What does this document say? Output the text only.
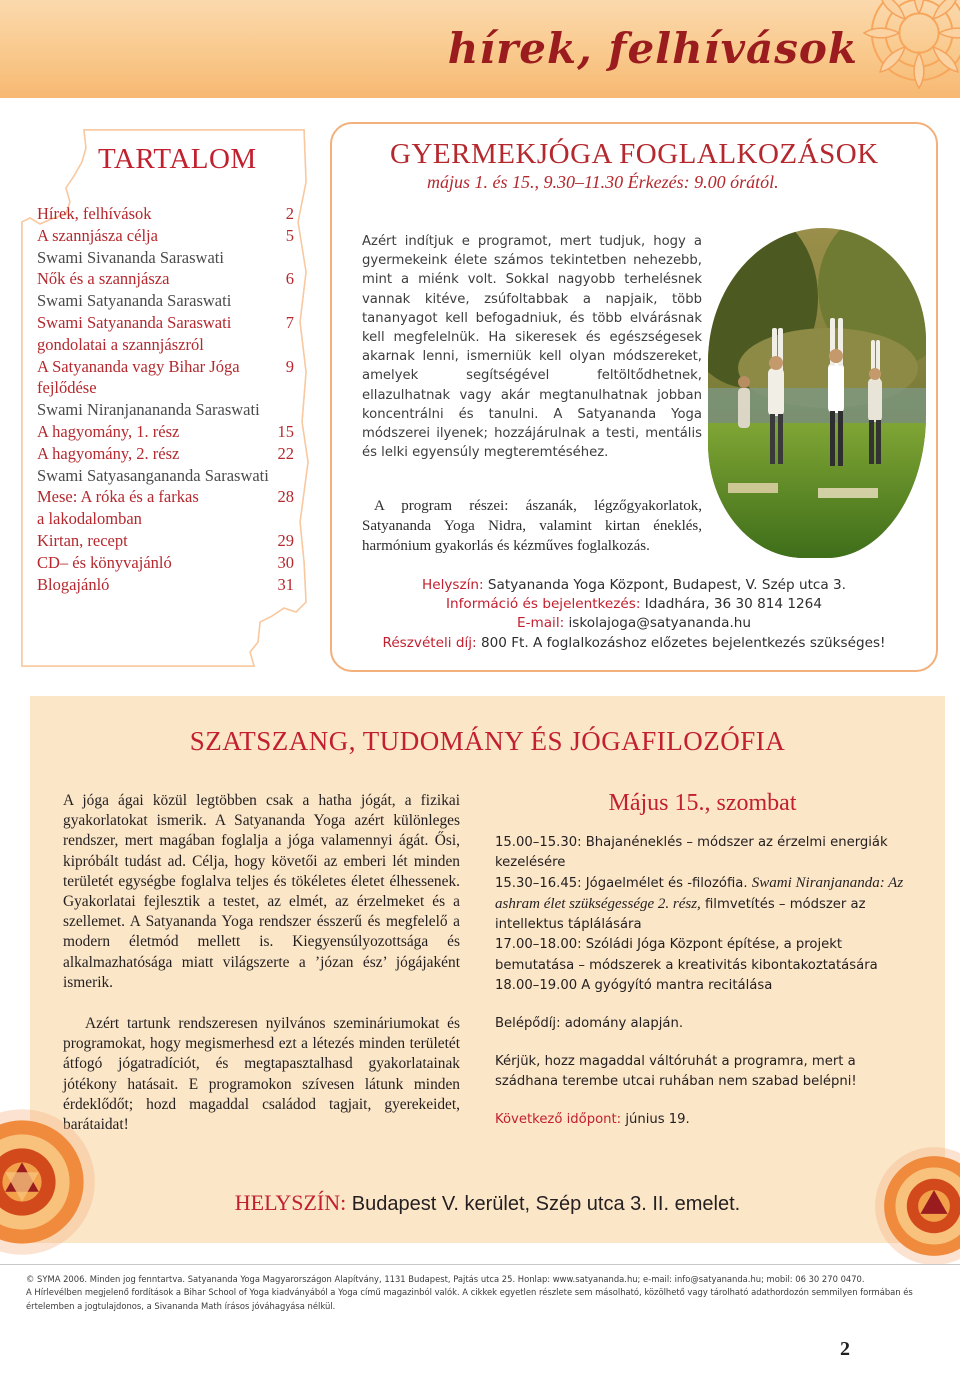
hírek, felhívások
TARTALOM
Hírek, felhívások	2
A szannjásza célja	5
Swami Sivananda Saraswati
Nők és a szannjásza	6
Swami Satyananda Saraswati
Swami Satyananda Saraswati	7
gondolatai a szannjászról
A Satyananda vagy Bihar Jóga	9
fejlődése
Swami Niranjanananda Saraswati
A hagyomány, 1. rész	15
A hagyomány, 2. rész	22
Swami Satyasangananda Saraswati
Mese: A róka és a farkas	28
a lakodalomban
Kirtan, recept	29
CD– és könyvajánló	30
Blogajánló	31
GYERMEKJÓGA FOGLALKOZÁSOK
május 1. és 15., 9.30–11.30 Érkezés: 9.00 órától.
Azért indítjuk e programot, mert tudjuk, hogy a gyermekeink élete számos tekintetben nehezebb, mint a miénk volt. Sokkal nagyobb terhelésnek vannak kitéve, zsúfoltabbak a napjaik, több tananyagot kell befogadniuk, és több elvárásnak kell megfelelnük. Ha sikeresek és egészségesek akarnak lenni, ismerniük kell olyan módszereket, amelyek segítségével feltöltődhetnek, ellazulhatnak vagy akár megtanulhatnak jobban koncentrálni és tanulni. A Satyananda Yoga módszerei ilyenek; hozzájárulnak a testi, mentális és lelki egyensúly megteremtéséhez.
A program részei: ászanák, légzőgyakorlatok, Satyananda Yoga Nidra, valamint kirtan éneklés, harmónium gyakorlás és kézműves foglalkozás.
Helyszín: Satyananda Yoga Központ, Budapest, V. Szép utca 3.
Információ és bejelentkezés: Idadhára, 36 30 814 1264
E-mail: iskolajoga@satyananda.hu
Részvételi díj: 800 Ft. A foglalkozáshoz előzetes bejelentkezés szükséges!
SZATSZANG, TUDOMÁNY ÉS JÓGAFILOZÓFIA

A jóga ágai közül legtöbben csak a hatha jógát, a fizikai gyakorlatokat ismerik. A Satyananda Yoga azért különleges rendszer, mert magában foglalja a jóga valamennyi ágát. Ősi, kipróbált tudást ad. Célja, hogy követői az emberi lét minden területét egységbe foglalva teljes és tökéletes életet élhessenek. Gyakorlatai fejlesztik a testet, az elmét, az érzelmeket és a szellemet. A Satyananda Yoga rendszer ésszerű és megfelelő a modern életmód mellett is. Kiegyensúlyozottsága és alkalmazhatósága miatt világszerte a ’józan ész’ jógájaként ismerik.

Azért tartunk rendszeresen nyilvános szemináriumokat és programokat, hogy megismerhesd ezt a létezés minden területét átfogó jógatradíciót, és megtapasztalhasd gyakorlatainak jótékony hatásait. E programokon szívesen látunk minden érdeklődőt; hozd magaddal családod tagjait, gyerekeidet, barátaidat!

Május 15., szombat
15.00–15.30: Bhajanéneklés – módszer az érzelmi energiák kezelésére
15.30–16.45: Jógaelmélet és -filozófia. Swami Niranjananda: Az ashram élet szükségessége 2. rész, filmvetítés – módszer az intellektus táplálására
17.00–18.00: Szóládi Jóga Központ építése, a projekt bemutatása – módszerek a kreativitás kibontakoztatására
18.00–19.00 A gyógyító mantra recitálása
Belépődíj: adomány alapján.
Kérjük, hozz magaddal váltóruhát a programra, mert a szádhana terembe utcai ruhában nem szabad belépni!
Következő időpont: június 19.
HELYSZÍN: Budapest V. kerület, Szép utca 3. II. emelet.
© SYMA 2006. Minden jog fenntartva. Satyananda Yoga Magyarországon Alapítvány, 1131 Budapest, Pajtás utca 25. Honlap: www.satyananda.hu; e-mail: info@satyananda.hu; mobil: 06 30 270 0470.
A Hírlevélben megjelenő fordítások a Bihar School of Yoga kiadványából a Yoga című magazinból valók. A cikkek egyetlen részlete sem másolható, közölhető vagy tárolható adathordozón semmilyen formában és értelemben a jogtulajdonos, a Sivananda Math írásos jóváhagyása nélkül.
2
